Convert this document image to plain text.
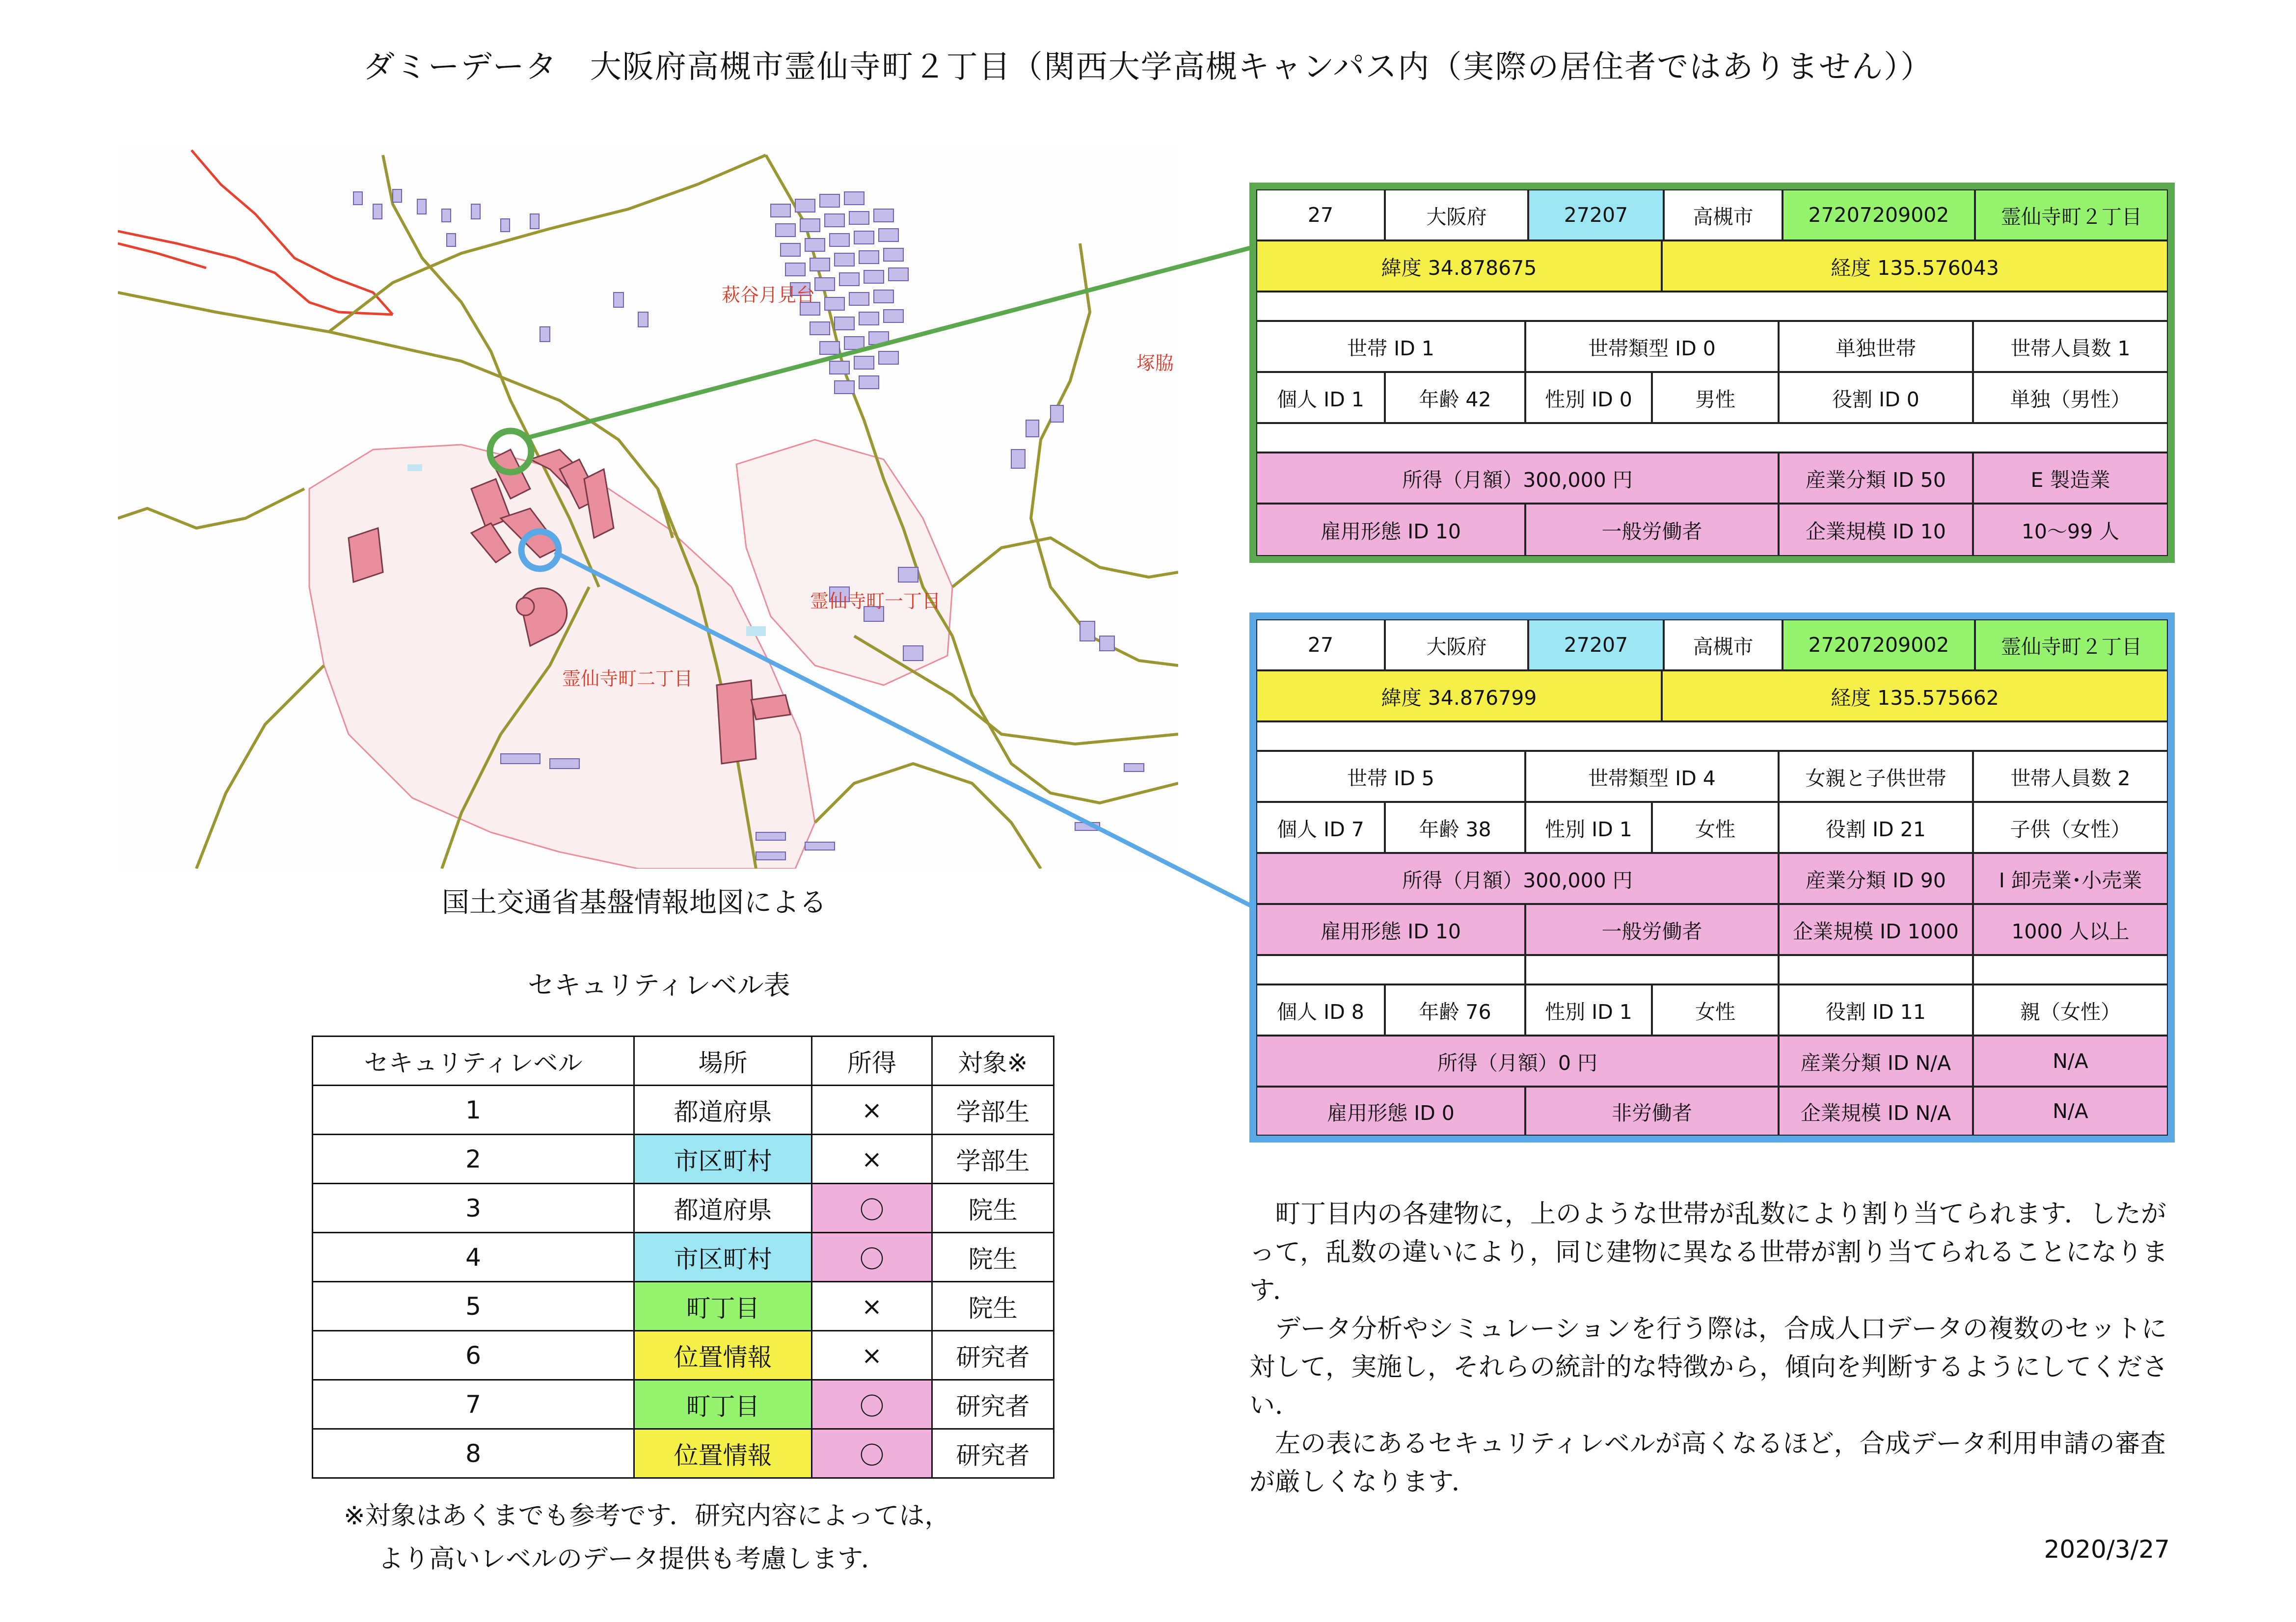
ダミーデータ　大阪府高槻市霊仙寺町２丁目（関西大学高槻キャンパス内（実際の居住者ではありません））
萩谷月見台
塚脇
霊仙寺町一丁目
霊仙寺町二丁目
国土交通省基盤情報地図による
セキュリティレベル表
セキュリティレベル	場所	所得	対象※
1	都道府県	×	学部生
2	市区町村	×	学部生
3	都道府県	〇	院生
4	市区町村	〇	院生
5	町丁目	×	院生
6	位置情報	×	研究者
7	町丁目	〇	研究者
8	位置情報	〇	研究者
※対象はあくまでも参考です．研究内容によっては，
より高いレベルのデータ提供も考慮します．
27	大阪府	27207	高槻市	27207209002	霊仙寺町２丁目
緯度 34.878675	経度 135.576043
世帯 ID 1	世帯類型 ID 0	単独世帯	世帯人員数 1
個人 ID 1	年齢 42	性別 ID 0	男性	役割 ID 0	単独（男性）
所得（月額）300,000 円	産業分類 ID 50	E 製造業
雇用形態 ID 10	一般労働者	企業規模 ID 10	10～99 人
27	大阪府	27207	高槻市	27207209002	霊仙寺町２丁目
緯度 34.876799	経度 135.575662
世帯 ID 5	世帯類型 ID 4	女親と子供世帯	世帯人員数 2
個人 ID 7	年齢 38	性別 ID 1	女性	役割 ID 21	子供（女性）
所得（月額）300,000 円	産業分類 ID 90	I 卸売業･小売業
雇用形態 ID 10	一般労働者	企業規模 ID 1000	1000 人以上
個人 ID 8	年齢 76	性別 ID 1	女性	役割 ID 11	親（女性）
所得（月額）0 円	産業分類 ID N/A	N/A
雇用形態 ID 0	非労働者	企業規模 ID N/A	N/A

町丁目内の各建物に，上のような世帯が乱数により割り当てられます．したがって，乱数の違いにより，同じ建物に異なる世帯が割り当てられることになります．

データ分析やシミュレーションを行う際は，合成人口データの複数のセットに対して，実施し，それらの統計的な特徴から，傾向を判断するようにしてください．

左の表にあるセキュリティレベルが高くなるほど，合成データ利用申請の審査が厳しくなります．

2020/3/27
